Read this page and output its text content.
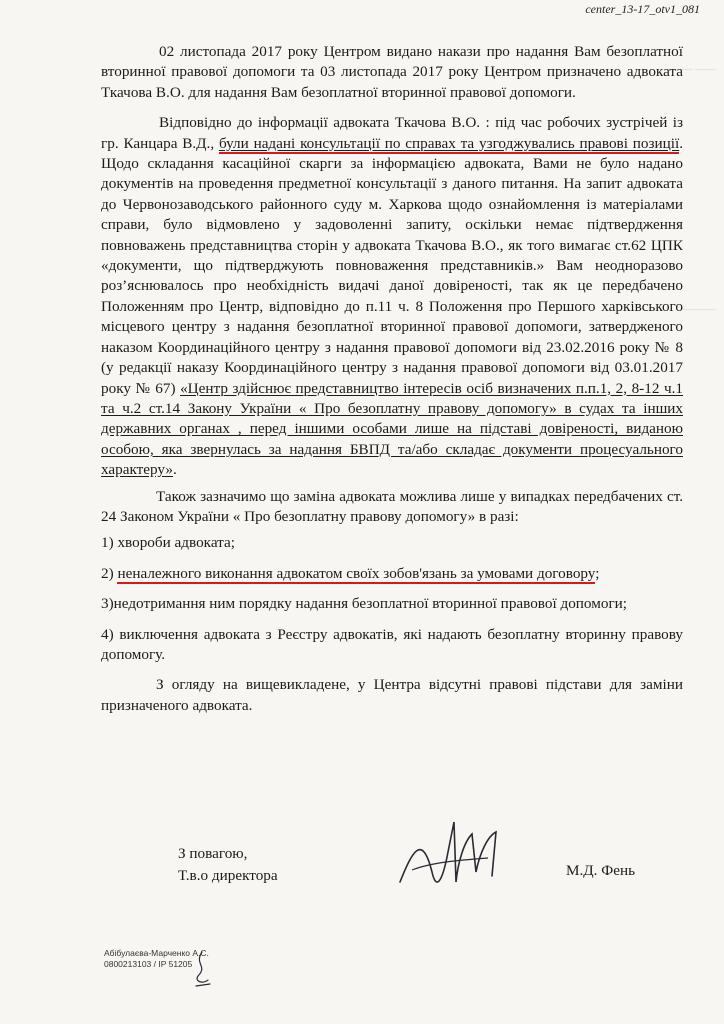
center_13-17_otv1_081
▁▁▁▁ ▁▁▁
▁▁▁▁▁

02 листопада 2017 року Центром видано накази про надання Вам безоплатної вторинної правової допомоги та 03 листопада 2017 року Центром призначено адвоката Ткачова В.О. для надання Вам безоплатної вторинної правової допомоги.

Відповідно до інформації адвоката Ткачова В.О. : під час робочих зустрічей із гр. Канцара В.Д., були надані консультації по справах та узгоджувались правові позиції. Щодо складання касаційної скарги за інформацією адвоката, Вами не було надано документів на проведення предметної консультації з даного питання. На запит адвоката до Червонозаводського районного суду м. Харкова щодо ознайомлення із матеріалами справи, було відмовлено у задоволенні запиту, оскільки немає підтвердження повноважень представництва сторін у адвоката Ткачова В.О., як того вимагає ст.62 ЦПК «документи, що підтверджують повноваження представників.» Вам неодноразово роз’яснювалось про необхідність видачі даної довіреності, так як це передбачено Положенням про Центр, відповідно до п.11 ч. 8 Положення про Першого харківського місцевого центру з надання безоплатної вторинної правової допомоги, затвердженого наказом Координаційного центру з надання правової допомоги від 23.02.2016 року № 8 (у редакції наказу Координаційного центру з надання правової допомоги від 03.01.2017 року № 67) «Центр здійснює представництво інтересів осіб визначених п.п.1, 2, 8-12 ч.1 та ч.2 ст.14 Закону України « Про безоплатну правову допомогу» в судах та інших державних органах , перед іншими особами лише на підставі довіреності, виданою особою, яка звернулась за надання БВПД та/або складає документи процесуального характеру».

Також зазначимо що заміна адвоката можлива лише у випадках передбачених ст. 24 Законом України « Про безоплатну правову допомогу» в разі:

1) хвороби адвоката;

2) неналежного виконання адвокатом своїх зобов'язань за умовами договору;

3)недотримання ним порядку надання безоплатної вторинної правової допомоги;

4) виключення адвоката з Реєстру адвокатів, які надають безоплатну вторинну правову допомогу.

З огляду на вищевикладене, у Центра відсутні правові підстави для заміни призначеного адвоката.

З повагою,
Т.в.о директора	М.Д. Фень
Абібулаєва-Марченко А.С.
0800213103 / IP 51205
